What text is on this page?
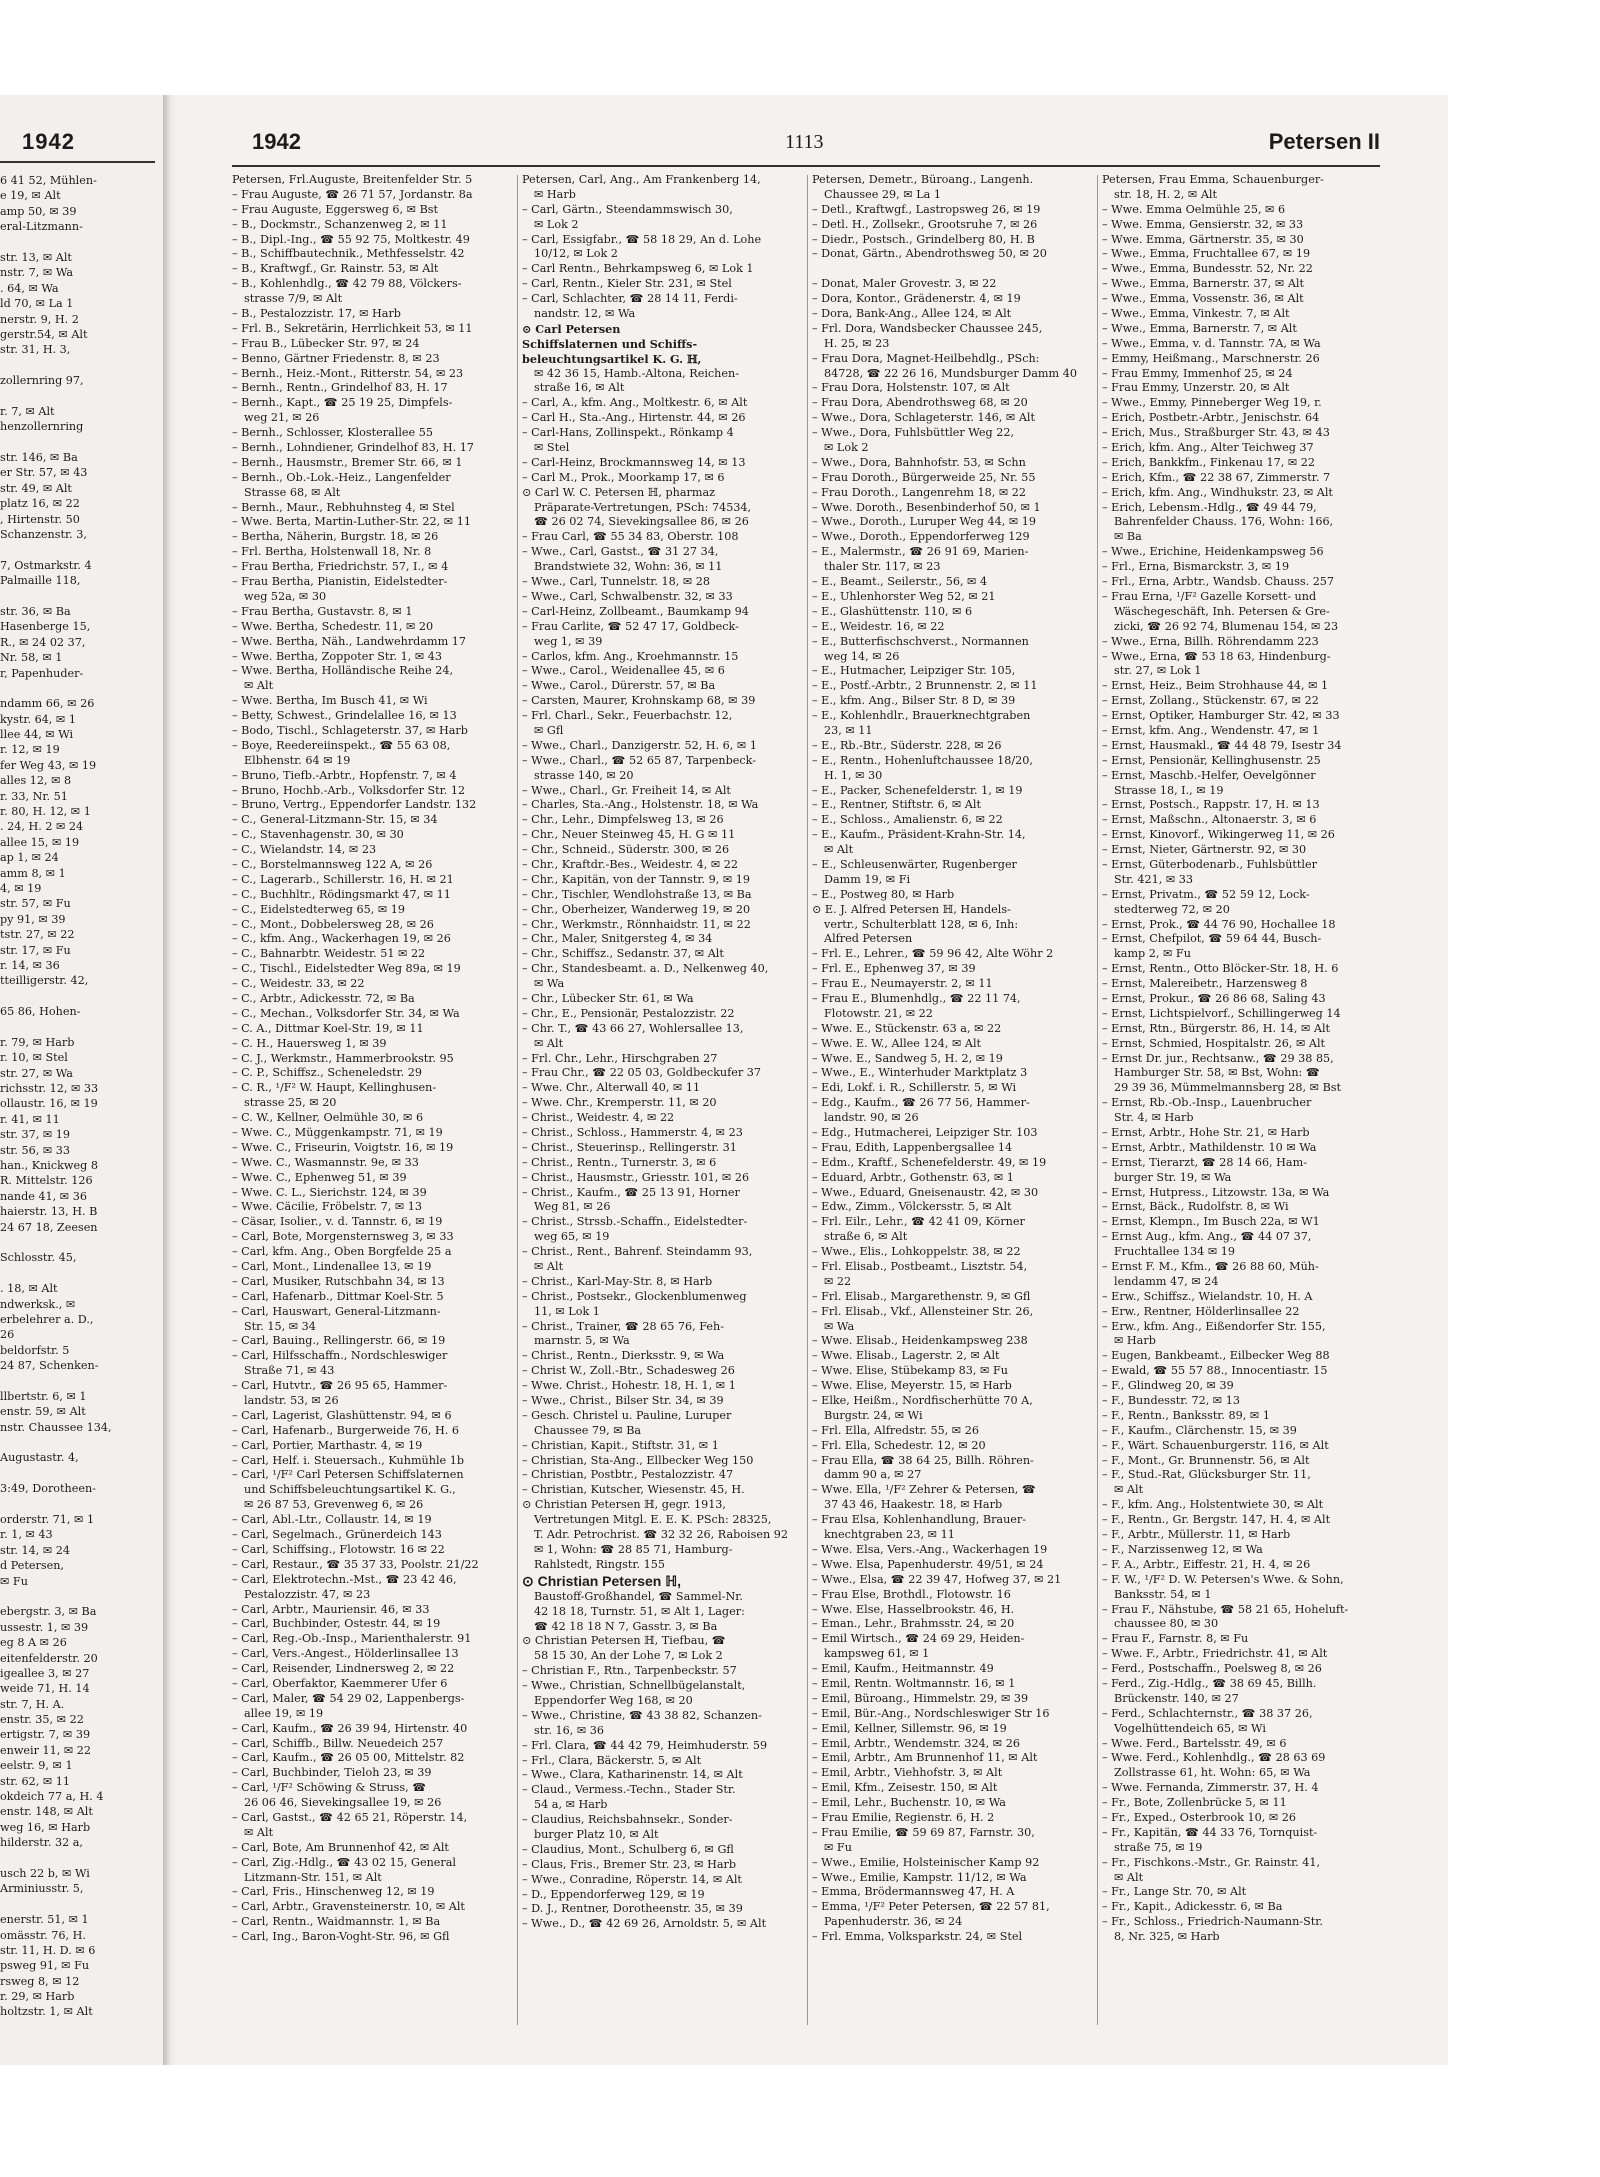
1942
6 41 52, Mühlen-
e 19, ✉ Alt
amp 50, ✉ 39
eral-Litzmann-
str. 13, ✉ Alt
nstr. 7, ✉ Wa
. 64, ✉ Wa
ld 70, ✉ La 1
nerstr. 9, H. 2
gerstr.54, ✉ Alt
str. 31, H. 3,
zollernring 97,
r. 7, ✉ Alt
henzollernring
str. 146, ✉ Ba
er Str. 57, ✉ 43
str. 49, ✉ Alt
platz 16, ✉ 22
, Hirtenstr. 50
Schanzenstr. 3,
7, Ostmarkstr. 4
Palmaille 118,
str. 36, ✉ Ba
Hasenberge 15,
R., ✉ 24 02 37,
Nr. 58, ✉ 1
r, Papenhuder-
ndamm 66, ✉ 26
kystr. 64, ✉ 1
llee 44, ✉ Wi
r. 12, ✉ 19
fer Weg 43, ✉ 19
alles 12, ✉ 8
r. 33, Nr. 51
r. 80, H. 12, ✉ 1
. 24, H. 2 ✉ 24
allee 15, ✉ 19
ap 1, ✉ 24
amm 8, ✉ 1
4, ✉ 19
str. 57, ✉ Fu
py 91, ✉ 39
tstr. 27, ✉ 22
str. 17, ✉ Fu
r. 14, ✉ 36
tteilligerstr. 42,
65 86, Hohen-
r. 79, ✉ Harb
r. 10, ✉ Stel
str. 27, ✉ Wa
richsstr. 12, ✉ 33
ollaustr. 16, ✉ 19
r. 41, ✉ 11
str. 37, ✉ 19
str. 56, ✉ 33
han., Knickweg 8
R. Mittelstr. 126
nande 41, ✉ 36
haierstr. 13, H. B
24 67 18, Zeesen
Schlosstr. 45,
. 18, ✉ Alt
ndwerksk., ✉
erbelehrer a. D.,
26
beldorfstr. 5
24 87, Schenken-
llbertstr. 6, ✉ 1
enstr. 59, ✉ Alt
nstr. Chaussee 134,
Augustastr. 4,
3:49, Dorotheen-
orderstr. 71, ✉ 1
r. 1, ✉ 43
str. 14, ✉ 24
d Petersen,
✉ Fu
ebergstr. 3, ✉ Ba
ussestr. 1, ✉ 39
eg 8 A ✉ 26
eitenfelderstr. 20
igeallee 3, ✉ 27
weide 71, H. 14
str. 7, H. A.
enstr. 35, ✉ 22
ertigstr. 7, ✉ 39
enweir 11, ✉ 22
eelstr. 9, ✉ 1
str. 62, ✉ 11
okdeich 77 a, H. 4
enstr. 148, ✉ Alt
weg 16, ✉ Harb
hilderstr. 32 a,
usch 22 b, ✉ Wi
Arminiusstr. 5,
enerstr. 51, ✉ 1
omässtr. 76, H.
str. 11, H. D. ✉ 6
psweg 91, ✉ Fu
rsweg 8, ✉ 12
r. 29, ✉ Harb
holtzstr. 1, ✉ Alt
1942	1113	Petersen II
Petersen, Frl.Auguste, Breitenfelder Str. 5
– Frau Auguste, ☎ 26 71 57, Jordanstr. 8a
– Frau Auguste, Eggersweg 6, ✉ Bst
– B., Dockmstr., Schanzenweg 2, ✉ 11
– B., Dipl.-Ing., ☎ 55 92 75, Moltkestr. 49
– B., Schiffbautechnik., Methfesselstr. 42
– B., Kraftwgf., Gr. Rainstr. 53, ✉ Alt
– B., Kohlenhdlg., ☎ 42 79 88, Völckers-
strasse 7/9, ✉ Alt
– B., Pestalozzistr. 17, ✉ Harb
– Frl. B., Sekretärin, Herrlichkeit 53, ✉ 11
– Frau B., Lübecker Str. 97, ✉ 24
– Benno, Gärtner Friedenstr. 8, ✉ 23
– Bernh., Heiz.-Mont., Ritterstr. 54, ✉ 23
– Bernh., Rentn., Grindelhof 83, H. 17
– Bernh., Kapt., ☎ 25 19 25, Dimpfels-
weg 21, ✉ 26
– Bernh., Schlosser, Klosterallee 55
– Bernh., Lohndiener, Grindelhof 83, H. 17
– Bernh., Hausmstr., Bremer Str. 66, ✉ 1
– Bernh., Ob.-Lok.-Heiz., Langenfelder
Strasse 68, ✉ Alt
– Bernh., Maur., Rebhuhnsteg 4, ✉ Stel
– Wwe. Berta, Martin-Luther-Str. 22, ✉ 11
– Bertha, Näherin, Burgstr. 18, ✉ 26
– Frl. Bertha, Holstenwall 18, Nr. 8
– Frau Bertha, Friedrichstr. 57, I., ✉ 4
– Frau Bertha, Pianistin, Eidelstedter-
weg 52a, ✉ 30
– Frau Bertha, Gustavstr. 8, ✉ 1
– Wwe. Bertha, Schedestr. 11, ✉ 20
– Wwe. Bertha, Näh., Landwehrdamm 17
– Wwe. Bertha, Zoppoter Str. 1, ✉ 43
– Wwe. Bertha, Holländische Reihe 24,
✉ Alt
– Wwe. Bertha, Im Busch 41, ✉ Wi
– Betty, Schwest., Grindelallee 16, ✉ 13
– Bodo, Tischl., Schlageterstr. 37, ✉ Harb
– Boye, Reedereiinspekt., ☎ 55 63 08,
Elbhenstr. 64 ✉ 19
– Bruno, Tiefb.-Arbtr., Hopfenstr. 7, ✉ 4
– Bruno, Hochb.-Arb., Volksdorfer Str. 12
– Bruno, Vertrg., Eppendorfer Landstr. 132
– C., General-Litzmann-Str. 15, ✉ 34
– C., Stavenhagenstr. 30, ✉ 30
– C., Wielandstr. 14, ✉ 23
– C., Borstelmannsweg 122 A, ✉ 26
– C., Lagerarb., Schillerstr. 16, H. ✉ 21
– C., Buchhltr., Rödingsmarkt 47, ✉ 11
– C., Eidelstedterweg 65, ✉ 19
– C., Mont., Dobbelersweg 28, ✉ 26
– C., kfm. Ang., Wackerhagen 19, ✉ 26
– C., Bahnarbtr. Weidestr. 51 ✉ 22
– C., Tischl., Eidelstedter Weg 89a, ✉ 19
– C., Weidestr. 33, ✉ 22
– C., Arbtr., Adickesstr. 72, ✉ Ba
– C., Mechan., Volksdorfer Str. 34, ✉ Wa
– C. A., Dittmar Koel-Str. 19, ✉ 11
– C. H., Hauersweg 1, ✉ 39
– C. J., Werkmstr., Hammerbrookstr. 95
– C. P., Schiffsz., Scheneledstr. 29
– C. R., ¹/F² W. Haupt, Kellinghusen-
strasse 25, ✉ 20
– C. W., Kellner, Oelmühle 30, ✉ 6
– Wwe. C., Müggenkampstr. 71, ✉ 19
– Wwe. C., Friseurin, Voigtstr. 16, ✉ 19
– Wwe. C., Wasmannstr. 9e, ✉ 33
– Wwe. C., Ephenweg 51, ✉ 39
– Wwe. C. L., Sierichstr. 124, ✉ 39
– Wwe. Cäcilie, Fröbelstr. 7, ✉ 13
– Cäsar, Isolier., v. d. Tannstr. 6, ✉ 19
– Carl, Bote, Morgensternsweg 3, ✉ 33
– Carl, kfm. Ang., Oben Borgfelde 25 a
– Carl, Mont., Lindenallee 13, ✉ 19
– Carl, Musiker, Rutschbahn 34, ✉ 13
– Carl, Hafenarb., Dittmar Koel-Str. 5
– Carl, Hauswart, General-Litzmann-
Str. 15, ✉ 34
– Carl, Bauing., Rellingerstr. 66, ✉ 19
– Carl, Hilfsschaffn., Nordschleswiger
Straße 71, ✉ 43
– Carl, Hutvtr., ☎ 26 95 65, Hammer-
landstr. 53, ✉ 26
– Carl, Lagerist, Glashüttenstr. 94, ✉ 6
– Carl, Hafenarb., Burgerweide 76, H. 6
– Carl, Portier, Marthastr. 4, ✉ 19
– Carl, Helf. i. Steuersach., Kuhmühle 1b
– Carl, ¹/F² Carl Petersen Schiffslaternen
und Schiffsbeleuchtungsartikel K. G.,
✉ 26 87 53, Grevenweg 6, ✉ 26
– Carl, Abl.-Ltr., Collaustr. 14, ✉ 19
– Carl, Segelmach., Grünerdeich 143
– Carl, Schiffsing., Flotowstr. 16 ✉ 22
– Carl, Restaur., ☎ 35 37 33, Poolstr. 21/22
– Carl, Elektrotechn.-Mst., ☎ 23 42 46,
Pestalozzistr. 47, ✉ 23
– Carl, Arbtr., Mauriensir. 46, ✉ 33
– Carl, Buchbinder, Ostestr. 44, ✉ 19
– Carl, Reg.-Ob.-Insp., Marienthalerstr. 91
– Carl, Vers.-Angest., Hölderlinsallee 13
– Carl, Reisender, Lindnersweg 2, ✉ 22
– Carl, Oberfaktor, Kaemmerer Ufer 6
– Carl, Maler, ☎ 54 29 02, Lappenbergs-
allee 19, ✉ 19
– Carl, Kaufm., ☎ 26 39 94, Hirtenstr. 40
– Carl, Schiffb., Billw. Neuedeich 257
– Carl, Kaufm., ☎ 26 05 00, Mittelstr. 82
– Carl, Buchbinder, Tieloh 23, ✉ 39
– Carl, ¹/F² Schöwing & Struss, ☎
26 06 46, Sievekingsallee 19, ✉ 26
– Carl, Gastst., ☎ 42 65 21, Röperstr. 14,
✉ Alt
– Carl, Bote, Am Brunnenhof 42, ✉ Alt
– Carl, Zig.-Hdlg., ☎ 43 02 15, General
Litzmann-Str. 151, ✉ Alt
– Carl, Fris., Hinschenweg 12, ✉ 19
– Carl, Arbtr., Gravensteinerstr. 10, ✉ Alt
– Carl, Rentn., Waidmannstr. 1, ✉ Ba
– Carl, Ing., Baron-Voght-Str. 96, ✉ Gfl
Petersen, Carl, Ang., Am Frankenberg 14,
✉ Harb
– Carl, Gärtn., Steendammswisch 30,
✉ Lok 2
– Carl, Essigfabr., ☎ 58 18 29, An d. Lohe
10/12, ✉ Lok 2
– Carl Rentn., Behrkampsweg 6, ✉ Lok 1
– Carl, Rentn., Kieler Str. 231, ✉ Stel
– Carl, Schlachter, ☎ 28 14 11, Ferdi-
nandstr. 12, ✉ Wa
⊙ Carl Petersen
Schiffslaternen und Schiffs-
beleuchtungsartikel K. G. ℍ,
✉ 42 36 15, Hamb.-Altona, Reichen-
straße 16, ✉ Alt
– Carl, A., kfm. Ang., Moltkestr. 6, ✉ Alt
– Carl H., Sta.-Ang., Hirtenstr. 44, ✉ 26
– Carl-Hans, Zollinspekt., Rönkamp 4
✉ Stel
– Carl-Heinz, Brockmannsweg 14, ✉ 13
– Carl M., Prok., Moorkamp 17, ✉ 6
⊙ Carl W. C. Petersen ℍ, pharmaz
Präparate-Vertretungen, PSch: 74534,
☎ 26 02 74, Sievekingsallee 86, ✉ 26
– Frau Carl, ☎ 55 34 83, Oberstr. 108
– Wwe., Carl, Gastst., ☎ 31 27 34,
Brandstwiete 32, Wohn: 36, ✉ 11
– Wwe., Carl, Tunnelstr. 18, ✉ 28
– Wwe., Carl, Schwalbenstr. 32, ✉ 33
– Carl-Heinz, Zollbeamt., Baumkamp 94
– Frau Carlite, ☎ 52 47 17, Goldbeck-
weg 1, ✉ 39
– Carlos, kfm. Ang., Kroehmannstr. 15
– Wwe., Carol., Weidenallee 45, ✉ 6
– Wwe., Carol., Dürerstr. 57, ✉ Ba
– Carsten, Maurer, Krohnskamp 68, ✉ 39
– Frl. Charl., Sekr., Feuerbachstr. 12,
✉ Gfl
– Wwe., Charl., Danzigerstr. 52, H. 6, ✉ 1
– Wwe., Charl., ☎ 52 65 87, Tarpenbeck-
strasse 140, ✉ 20
– Wwe., Charl., Gr. Freiheit 14, ✉ Alt
– Charles, Sta.-Ang., Holstenstr. 18, ✉ Wa
– Chr., Lehr., Dimpfelsweg 13, ✉ 26
– Chr., Neuer Steinweg 45, H. G ✉ 11
– Chr., Schneid., Süderstr. 300, ✉ 26
– Chr., Kraftdr.-Bes., Weidestr. 4, ✉ 22
– Chr., Kapitän, von der Tannstr. 9, ✉ 19
– Chr., Tischler, Wendlohstraße 13, ✉ Ba
– Chr., Oberheizer, Wanderweg 19, ✉ 20
– Chr., Werkmstr., Rönnhaidstr. 11, ✉ 22
– Chr., Maler, Snitgersteg 4, ✉ 34
– Chr., Schiffsz., Sedanstr. 37, ✉ Alt
– Chr., Standesbeamt. a. D., Nelkenweg 40,
✉ Wa
– Chr., Lübecker Str. 61, ✉ Wa
– Chr., E., Pensionär, Pestalozzistr. 22
– Chr. T., ☎ 43 66 27, Wohlersallee 13,
✉ Alt
– Frl. Chr., Lehr., Hirschgraben 27
– Frau Chr., ☎ 22 05 03, Goldbeckufer 37
– Wwe. Chr., Alterwall 40, ✉ 11
– Wwe. Chr., Kremperstr. 11, ✉ 20
– Christ., Weidestr. 4, ✉ 22
– Christ., Schloss., Hammerstr. 4, ✉ 23
– Christ., Steuerinsp., Rellingerstr. 31
– Christ., Rentn., Turnerstr. 3, ✉ 6
– Christ., Hausmstr., Griesstr. 101, ✉ 26
– Christ., Kaufm., ☎ 25 13 91, Horner
Weg 81, ✉ 26
– Christ., Strssb.-Schaffn., Eidelstedter-
weg 65, ✉ 19
– Christ., Rent., Bahrenf. Steindamm 93,
✉ Alt
– Christ., Karl-May-Str. 8, ✉ Harb
– Christ., Postsekr., Glockenblumenweg
11, ✉ Lok 1
– Christ., Trainer, ☎ 28 65 76, Feh-
marnstr. 5, ✉ Wa
– Christ., Rentn., Dierksstr. 9, ✉ Wa
– Christ W., Zoll.-Btr., Schadesweg 26
– Wwe. Christ., Hohestr. 18, H. 1, ✉ 1
– Wwe., Christ., Bilser Str. 34, ✉ 39
– Gesch. Christel u. Pauline, Luruper
Chaussee 79, ✉ Ba
– Christian, Kapit., Stiftstr. 31, ✉ 1
– Christian, Sta-Ang., Ellbecker Weg 150
– Christian, Postbtr., Pestalozzistr. 47
– Christian, Kutscher, Wiesenstr. 45, H.
⊙ Christian Petersen ℍ, gegr. 1913,
Vertretungen Mitgl. E. E. K. PSch: 28325,
T. Adr. Petrochrist. ☎ 32 32 26, Raboisen 92
✉ 1, Wohn: ☎ 28 85 71, Hamburg-
Rahlstedt, Ringstr. 155
⊙ Christian Petersen ℍ,
Baustoff-Großhandel, ☎ Sammel-Nr.
42 18 18, Turnstr. 51, ✉ Alt 1, Lager:
☎ 42 18 18 N 7, Gasstr. 3, ✉ Ba
⊙ Christian Petersen ℍ, Tiefbau, ☎
58 15 30, An der Lohe 7, ✉ Lok 2
– Christian F., Rtn., Tarpenbeckstr. 57
– Wwe., Christian, Schnellbügelanstalt,
Eppendorfer Weg 168, ✉ 20
– Wwe., Christine, ☎ 43 38 82, Schanzen-
str. 16, ✉ 36
– Frl. Clara, ☎ 44 42 79, Heimhuderstr. 59
– Frl., Clara, Bäckerstr. 5, ✉ Alt
– Wwe., Clara, Katharinenstr. 14, ✉ Alt
– Claud., Vermess.-Techn., Stader Str.
54 a, ✉ Harb
– Claudius, Reichsbahnsekr., Sonder-
burger Platz 10, ✉ Alt
– Claudius, Mont., Schulberg 6, ✉ Gfl
– Claus, Fris., Bremer Str. 23, ✉ Harb
– Wwe., Conradine, Röperstr. 14, ✉ Alt
– D., Eppendorferweg 129, ✉ 19
– D. J., Rentner, Dorotheenstr. 35, ✉ 39
– Wwe., D., ☎ 42 69 26, Arnoldstr. 5, ✉ Alt
Petersen, Demetr., Büroang., Langenh.
Chaussee 29, ✉ La 1
– Detl., Kraftwgf., Lastropsweg 26, ✉ 19
– Detl. H., Zollsekr., Grootsruhe 7, ✉ 26
– Diedr., Postsch., Grindelberg 80, H. B
– Donat, Gärtn., Abendrothsweg 50, ✉ 20
– Donat, Maler Grovestr. 3, ✉ 22
– Dora, Kontor., Grädenerstr. 4, ✉ 19
– Dora, Bank-Ang., Allee 124, ✉ Alt
– Frl. Dora, Wandsbecker Chaussee 245,
H. 25, ✉ 23
– Frau Dora, Magnet-Heilbehdlg., PSch:
84728, ☎ 22 26 16, Mundsburger Damm 40
– Frau Dora, Holstenstr. 107, ✉ Alt
– Frau Dora, Abendrothsweg 68, ✉ 20
– Wwe., Dora, Schlageterstr. 146, ✉ Alt
– Wwe., Dora, Fuhlsbüttler Weg 22,
✉ Lok 2
– Wwe., Dora, Bahnhofstr. 53, ✉ Schn
– Frau Doroth., Bürgerweide 25, Nr. 55
– Frau Doroth., Langenrehm 18, ✉ 22
– Wwe. Doroth., Besenbinderhof 50, ✉ 1
– Wwe., Doroth., Luruper Weg 44, ✉ 19
– Wwe., Doroth., Eppendorferweg 129
– E., Malermstr., ☎ 26 91 69, Marien-
thaler Str. 117, ✉ 23
– E., Beamt., Seilerstr., 56, ✉ 4
– E., Uhlenhorster Weg 52, ✉ 21
– E., Glashüttenstr. 110, ✉ 6
– E., Weidestr. 16, ✉ 22
– E., Butterfischschverst., Normannen
weg 14, ✉ 26
– E., Hutmacher, Leipziger Str. 105,
– E., Postf.-Arbtr., 2 Brunnenstr. 2, ✉ 11
– E., kfm. Ang., Bilser Str. 8 D, ✉ 39
– E., Kohlenhdlr., Brauerknechtgraben
23, ✉ 11
– E., Rb.-Btr., Süderstr. 228, ✉ 26
– E., Rentn., Hohenluftchaussee 18/20,
H. 1, ✉ 30
– E., Packer, Schenefelderstr. 1, ✉ 19
– E., Rentner, Stiftstr. 6, ✉ Alt
– E., Schloss., Amalienstr. 6, ✉ 22
– E., Kaufm., Präsident-Krahn-Str. 14,
✉ Alt
– E., Schleusenwärter, Rugenberger
Damm 19, ✉ Fi
– E., Postweg 80, ✉ Harb
⊙ E. J. Alfred Petersen ℍ, Handels-
vertr., Schulterblatt 128, ✉ 6, Inh:
Alfred Petersen
– Frl. E., Lehrer., ☎ 59 96 42, Alte Wöhr 2
– Frl. E., Ephenweg 37, ✉ 39
– Frau E., Neumayerstr. 2, ✉ 11
– Frau E., Blumenhdlg., ☎ 22 11 74,
Flotowstr. 21, ✉ 22
– Wwe. E., Stückenstr. 63 a, ✉ 22
– Wwe. E. W., Allee 124, ✉ Alt
– Wwe. E., Sandweg 5, H. 2, ✉ 19
– Wwe., E., Winterhuder Marktplatz 3
– Edi, Lokf. i. R., Schillerstr. 5, ✉ Wi
– Edg., Kaufm., ☎ 26 77 56, Hammer-
landstr. 90, ✉ 26
– Edg., Hutmacherei, Leipziger Str. 103
– Frau, Edith, Lappenbergsallee 14
– Edm., Kraftf., Schenefelderstr. 49, ✉ 19
– Eduard, Arbtr., Gothenstr. 63, ✉ 1
– Wwe., Eduard, Gneisenaustr. 42, ✉ 30
– Edw., Zimm., Völckersstr. 5, ✉ Alt
– Frl. Eilr., Lehr., ☎ 42 41 09, Körner
straße 6, ✉ Alt
– Wwe., Elis., Lohkoppelstr. 38, ✉ 22
– Frl. Elisab., Postbeamt., Lisztstr. 54,
✉ 22
– Frl. Elisab., Margarethenstr. 9, ✉ Gfl
– Frl. Elisab., Vkf., Allensteiner Str. 26,
✉ Wa
– Wwe. Elisab., Heidenkampsweg 238
– Wwe. Elisab., Lagerstr. 2, ✉ Alt
– Wwe. Elise, Stübekamp 83, ✉ Fu
– Wwe. Elise, Meyerstr. 15, ✉ Harb
– Elke, Heißm., Nordfischerhütte 70 A,
Burgstr. 24, ✉ Wi
– Frl. Ella, Alfredstr. 55, ✉ 26
– Frl. Ella, Schedestr. 12, ✉ 20
– Frau Ella, ☎ 38 64 25, Billh. Röhren-
damm 90 a, ✉ 27
– Wwe. Ella, ¹/F² Zehrer & Petersen, ☎
37 43 46, Haakestr. 18, ✉ Harb
– Frau Elsa, Kohlenhandlung, Brauer-
knechtgraben 23, ✉ 11
– Wwe. Elsa, Vers.-Ang., Wackerhagen 19
– Wwe. Elsa, Papenhuderstr. 49/51, ✉ 24
– Wwe., Elsa, ☎ 22 39 47, Hofweg 37, ✉ 21
– Frau Else, Brothdl., Flotowstr. 16
– Wwe. Else, Hasselbrookstr. 46, H.
– Eman., Lehr., Brahmsstr. 24, ✉ 20
– Emil Wirtsch., ☎ 24 69 29, Heiden-
kampsweg 61, ✉ 1
– Emil, Kaufm., Heitmannstr. 49
– Emil, Rentn. Woltmannstr. 16, ✉ 1
– Emil, Büroang., Himmelstr. 29, ✉ 39
– Emil, Bür.-Ang., Nordschleswiger Str 16
– Emil, Kellner, Sillemstr. 96, ✉ 19
– Emil, Arbtr., Wendemstr. 324, ✉ 26
– Emil, Arbtr., Am Brunnenhof 11, ✉ Alt
– Emil, Arbtr., Viehhofstr. 3, ✉ Alt
– Emil, Kfm., Zeisestr. 150, ✉ Alt
– Emil, Lehr., Buchenstr. 10, ✉ Wa
– Frau Emilie, Regienstr. 6, H. 2
– Frau Emilie, ☎ 59 69 87, Farnstr. 30,
✉ Fu
– Wwe., Emilie, Holsteinischer Kamp 92
– Wwe., Emilie, Kampstr. 11/12, ✉ Wa
– Emma, Brödermannsweg 47, H. A
– Emma, ¹/F² Peter Petersen, ☎ 22 57 81,
Papenhuderstr. 36, ✉ 24
– Frl. Emma, Volksparkstr. 24, ✉ Stel
Petersen, Frau Emma, Schauenburger-
str. 18, H. 2, ✉ Alt
– Wwe. Emma Oelmühle 25, ✉ 6
– Wwe. Emma, Gensierstr. 32, ✉ 33
– Wwe. Emma, Gärtnerstr. 35, ✉ 30
– Wwe., Emma, Fruchtallee 67, ✉ 19
– Wwe., Emma, Bundesstr. 52, Nr. 22
– Wwe., Emma, Barnerstr. 37, ✉ Alt
– Wwe., Emma, Vossenstr. 36, ✉ Alt
– Wwe., Emma, Vinkestr. 7, ✉ Alt
– Wwe., Emma, Barnerstr. 7, ✉ Alt
– Wwe., Emma, v. d. Tannstr. 7A, ✉ Wa
– Emmy, Heißmang., Marschnerstr. 26
– Frau Emmy, Immenhof 25, ✉ 24
– Frau Emmy, Unzerstr. 20, ✉ Alt
– Wwe., Emmy, Pinneberger Weg 19, r.
– Erich, Postbetr.-Arbtr., Jenischstr. 64
– Erich, Mus., Straßburger Str. 43, ✉ 43
– Erich, kfm. Ang., Alter Teichweg 37
– Erich, Bankkfm., Finkenau 17, ✉ 22
– Erich, Kfm., ☎ 22 38 67, Zimmerstr. 7
– Erich, kfm. Ang., Windhukstr. 23, ✉ Alt
– Erich, Lebensm.-Hdlg., ☎ 49 44 79,
Bahrenfelder Chauss. 176, Wohn: 166,
✉ Ba
– Wwe., Erichine, Heidenkampsweg 56
– Frl., Erna, Bismarckstr. 3, ✉ 19
– Frl., Erna, Arbtr., Wandsb. Chauss. 257
– Frau Erna, ¹/F² Gazelle Korsett- und
Wäschegeschäft, Inh. Petersen & Gre-
zicki, ☎ 26 92 74, Blumenau 154, ✉ 23
– Wwe., Erna, Billh. Röhrendamm 223
– Wwe., Erna, ☎ 53 18 63, Hindenburg-
str. 27, ✉ Lok 1
– Ernst, Heiz., Beim Strohhause 44, ✉ 1
– Ernst, Zollang., Stückenstr. 67, ✉ 22
– Ernst, Optiker, Hamburger Str. 42, ✉ 33
– Ernst, kfm. Ang., Wendenstr. 47, ✉ 1
– Ernst, Hausmakl., ☎ 44 48 79, Isestr 34
– Ernst, Pensionär, Kellinghusenstr. 25
– Ernst, Maschb.-Helfer, Oevelgönner
Strasse 18, I., ✉ 19
– Ernst, Postsch., Rappstr. 17, H. ✉ 13
– Ernst, Maßschn., Altonaerstr. 3, ✉ 6
– Ernst, Kinovorf., Wikingerweg 11, ✉ 26
– Ernst, Nieter, Gärtnerstr. 92, ✉ 30
– Ernst, Güterbodenarb., Fuhlsbüttler
Str. 421, ✉ 33
– Ernst, Privatm., ☎ 52 59 12, Lock-
stedterweg 72, ✉ 20
– Ernst, Prok., ☎ 44 76 90, Hochallee 18
– Ernst, Chefpilot, ☎ 59 64 44, Busch-
kamp 2, ✉ Fu
– Ernst, Rentn., Otto Blöcker-Str. 18, H. 6
– Ernst, Malereibetr., Harzensweg 8
– Ernst, Prokur., ☎ 26 86 68, Saling 43
– Ernst, Lichtspielvorf., Schillingerweg 14
– Ernst, Rtn., Bürgerstr. 86, H. 14, ✉ Alt
– Ernst, Schmied, Hospitalstr. 26, ✉ Alt
– Ernst Dr. jur., Rechtsanw., ☎ 29 38 85,
Hamburger Str. 58, ✉ Bst, Wohn: ☎
29 39 36, Mümmelmannsberg 28, ✉ Bst
– Ernst, Rb.-Ob.-Insp., Lauenbrucher
Str. 4, ✉ Harb
– Ernst, Arbtr., Hohe Str. 21, ✉ Harb
– Ernst, Arbtr., Mathildenstr. 10 ✉ Wa
– Ernst, Tierarzt, ☎ 28 14 66, Ham-
burger Str. 19, ✉ Wa
– Ernst, Hutpress., Litzowstr. 13a, ✉ Wa
– Ernst, Bäck., Rudolfstr. 8, ✉ Wi
– Ernst, Klempn., Im Busch 22a, ✉ W1
– Ernst Aug., kfm. Ang., ☎ 44 07 37,
Fruchtallee 134 ✉ 19
– Ernst F. M., Kfm., ☎ 26 88 60, Müh-
lendamm 47, ✉ 24
– Erw., Schiffsz., Wielandstr. 10, H. A
– Erw., Rentner, Hölderlinsallee 22
– Erw., kfm. Ang., Eißendorfer Str. 155,
✉ Harb
– Eugen, Bankbeamt., Eilbecker Weg 88
– Ewald, ☎ 55 57 88., Innocentiastr. 15
– F., Glindweg 20, ✉ 39
– F., Bundesstr. 72, ✉ 13
– F., Rentn., Banksstr. 89, ✉ 1
– F., Kaufm., Clärchenstr. 15, ✉ 39
– F., Wärt. Schauenburgerstr. 116, ✉ Alt
– F., Mont., Gr. Brunnenstr. 56, ✉ Alt
– F., Stud.-Rat, Glücksburger Str. 11,
✉ Alt
– F., kfm. Ang., Holstentwiete 30, ✉ Alt
– F., Rentn., Gr. Bergstr. 147, H. 4, ✉ Alt
– F., Arbtr., Müllerstr. 11, ✉ Harb
– F., Narzissenweg 12, ✉ Wa
– F. A., Arbtr., Eiffestr. 21, H. 4, ✉ 26
– F. W., ¹/F² D. W. Petersen's Wwe. & Sohn,
Banksstr. 54, ✉ 1
– Frau F., Nähstube, ☎ 58 21 65, Hoheluft-
chaussee 80, ✉ 30
– Frau F., Farnstr. 8, ✉ Fu
– Wwe. F., Arbtr., Friedrichstr. 41, ✉ Alt
– Ferd., Postschaffn., Poelsweg 8, ✉ 26
– Ferd., Zig.-Hdlg., ☎ 38 69 45, Billh.
Brückenstr. 140, ✉ 27
– Ferd., Schlachternstr., ☎ 38 37 26,
Vogelhüttendeich 65, ✉ Wi
– Wwe. Ferd., Bartelsstr. 49, ✉ 6
– Wwe. Ferd., Kohlenhdlg., ☎ 28 63 69
Zollstrasse 61, ht. Wohn: 65, ✉ Wa
– Wwe. Fernanda, Zimmerstr. 37, H. 4
– Fr., Bote, Zollenbrücke 5, ✉ 11
– Fr., Exped., Osterbrook 10, ✉ 26
– Fr., Kapitän, ☎ 44 33 76, Tornquist-
straße 75, ✉ 19
– Fr., Fischkons.-Mstr., Gr. Rainstr. 41,
✉ Alt
– Fr., Lange Str. 70, ✉ Alt
– Fr., Kapit., Adickesstr. 6, ✉ Ba
– Fr., Schloss., Friedrich-Naumann-Str.
8, Nr. 325, ✉ Harb
